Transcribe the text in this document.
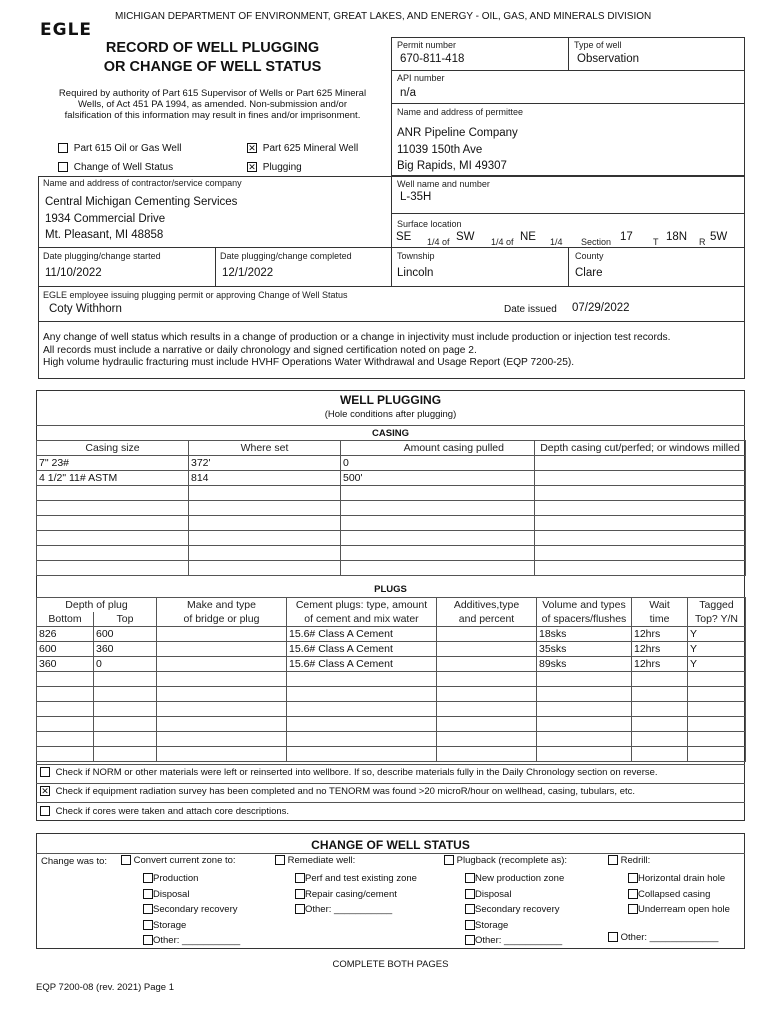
MICHIGAN DEPARTMENT OF ENVIRONMENT, GREAT LAKES, AND ENERGY - OIL, GAS, AND MINERALS DIVISION
EGLE
RECORD OF WELL PLUGGING
OR CHANGE OF WELL STATUS
Required by authority of Part 615 Supervisor of Wells or Part 625 Mineral
Wells, of Act 451 PA 1994, as amended. Non-submission and/or
falsification of this information may result in fines and/or imprisonment.
Part 615 Oil or Gas Well	✕ Part 625 Mineral Well
Change of Well Status	✕ Plugging
Permit number
670-811-418
Type of well
Observation
API number
n/a
Name and address of permittee
ANR Pipeline Company
11039 150th Ave
Big Rapids, MI 49307
Name and address of contractor/service company
Central Michigan Cementing Services
1934 Commercial Drive
Mt. Pleasant, MI 48858
Well name and number
L-35H
Surface location
SE 1/4 of SW 1/4 of NE 1/4 Section 17 T 18N R 5W
Date plugging/change started
11/10/2022
Date plugging/change completed
12/1/2022
Township
Lincoln
County
Clare
EGLE employee issuing plugging permit or approving Change of Well Status
Coty Withhorn	Date issued 07/29/2022
Any change of well status which results in a change of production or a change in injectivity must include production or injection test records.
All records must include a narrative or daily chronology and signed certification noted on page 2.
High volume hydraulic fracturing must include HVHF Operations Water Withdrawal and Usage Report (EQP 7200-25).
WELL PLUGGING
(Hole conditions after plugging)
CASING
Casing size	Where set	Amount casing pulled	Depth casing cut/perfed; or windows milled
7" 23#	372'	0	
4 1/2" 11# ASTM	814	500'	

PLUGS
Depth of plug		Make and type	Cement plugs: type, amount	Additives,type	Volume and types	Wait	Tagged
Bottom	Top	of bridge or plug	of cement and mix water	and percent	of spacers/flushes	time	Top? Y/N
826	600		15.6# Class A Cement		18sks	12hrs	Y
600	360		15.6# Class A Cement		35sks	12hrs	Y
360	0		15.6# Class A Cement		89sks	12hrs	Y

Check if NORM or other materials were left or reinserted into wellbore. If so, describe materials fully in the Daily Chronology section on reverse.
✕ Check if equipment radiation survey has been completed and no TENORM was found >20 microR/hour on wellhead, casing, tubulars, etc.
Check if cores were taken and attach core descriptions.
CHANGE OF WELL STATUS
Change was to:	Convert current zone to:
Production
Disposal
Secondary recovery
Storage
Other: ___________
Remediate well:
Perf and test existing zone
Repair casing/cement
Other: ___________
Plugback (recomplete as):
New production zone
Disposal
Secondary recovery
Storage
Other: ___________
Redrill:
Horizontal drain hole
Collapsed casing
Underream open hole
Other: _____________
COMPLETE BOTH PAGES
EQP 7200-08 (rev. 2021) Page 1
